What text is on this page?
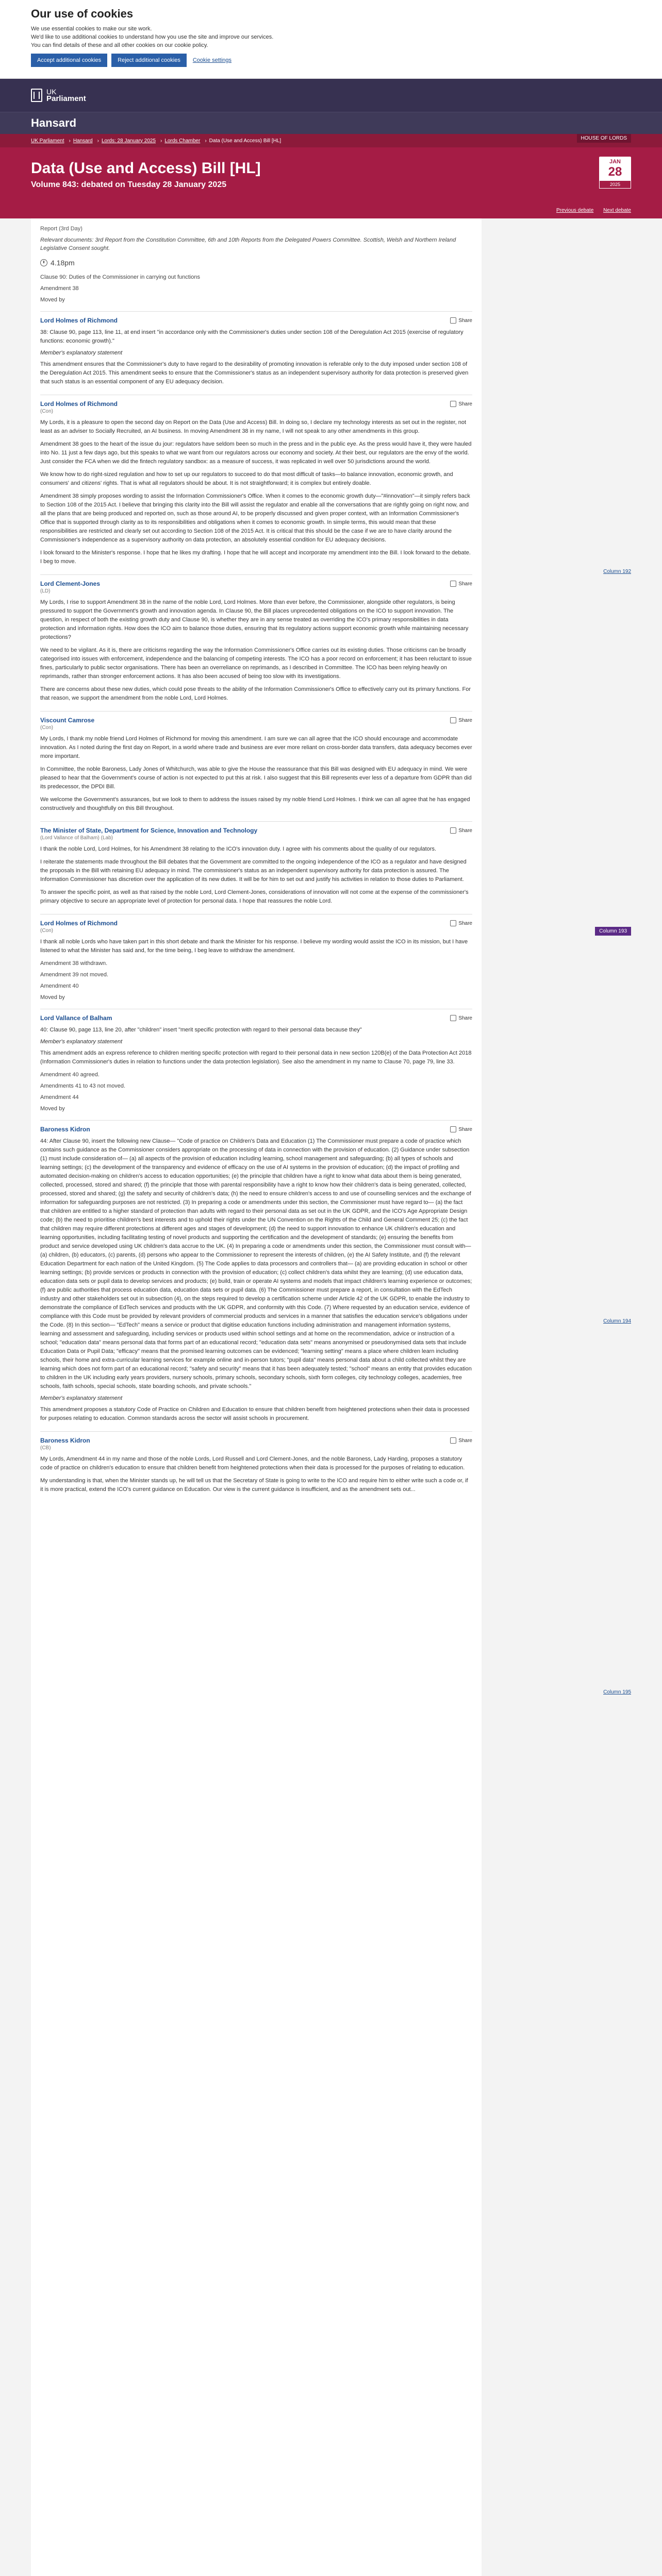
Our use of cookies

We use essential cookies to make our site work.

We'd like to use additional cookies to understand how you use the site and improve our services.

You can find details of these and all other cookies on our cookie policy.

Accept additional cookies	Reject additional cookies	Cookie settings
UK
Parliament
Hansard
UK Parliament › Hansard › Lords: 28 January 2025 › Lords Chamber › Data (Use and Access) Bill [HL]	HOUSE OF LORDS
Data (Use and Access) Bill [HL]
Volume 843: debated on Tuesday 28 January 2025
JAN
28
2025
Previous debate Next debate
Column 192
Column 193
Column 194
Column 195
Report (3rd Day)
Relevant documents: 3rd Report from the Constitution Committee, 6th and 10th Reports from the Delegated Powers Committee. Scottish, Welsh and Northern Ireland Legislative Consent sought.
4.18pm
Clause 90: Duties of the Commissioner in carrying out functions
Amendment 38
Moved by
Lord Holmes of Richmond	Share
38: Clause 90, page 113, line 11, at end insert "in accordance only with the Commissioner's duties under section 108 of the Deregulation Act 2015 (exercise of regulatory functions: economic growth)."
Member's explanatory statement
This amendment ensures that the Commissioner's duty to have regard to the desirability of promoting innovation is referable only to the duty imposed under section 108 of the Deregulation Act 2015. This amendment seeks to ensure that the Commissioner's status as an independent supervisory authority for data protection is preserved given that such status is an essential component of any EU adequacy decision.
Lord Holmes of Richmond	Share
(Con)
My Lords, it is a pleasure to open the second day on Report on the Data (Use and Access) Bill. In doing so, I declare my technology interests as set out in the register, not least as an adviser to Socially Recruited, an AI business. In moving Amendment 38 in my name, I will not speak to any other amendments in this group.
Amendment 38 goes to the heart of the issue du jour: regulators have seldom been so much in the press and in the public eye. As the press would have it, they were hauled into No. 11 just a few days ago, but this speaks to what we want from our regulators across our economy and society. At their best, our regulators are the envy of the world. Just consider the FCA when we did the fintech regulatory sandbox: as a measure of success, it was replicated in well over 50 jurisdictions around the world.
We know how to do right-sized regulation and how to set up our regulators to succeed to do that most difficult of tasks—to balance innovation, economic growth, and consumers' and citizens' rights. That is what all regulators should be about. It is not straightforward; it is complex but entirely doable.
Amendment 38 simply proposes wording to assist the Information Commissioner's Office. When it comes to the economic growth duty—"#innovation"—it simply refers back to Section 108 of the 2015 Act. I believe that bringing this clarity into the Bill will assist the regulator and enable all the conversations that are rightly going on right now, and all the plans that are being produced and reported on, such as those around AI, to be properly discussed and given proper context, with an Information Commissioner's Office that is supported through clarity as to its responsibilities and obligations when it comes to economic growth. In simple terms, this would mean that these responsibilities are restricted and clearly set out according to Section 108 of the 2015 Act. It is critical that this should be the case if we are to have clarity around the Commissioner's independence as a supervisory authority on data protection, an absolutely essential condition for EU adequacy decisions.
I look forward to the Minister's response. I hope that he likes my drafting. I hope that he will accept and incorporate my amendment into the Bill. I look forward to the debate. I beg to move.
Lord Clement-Jones	Share
(LD)
My Lords, I rise to support Amendment 38 in the name of the noble Lord, Lord Holmes. More than ever before, the Commissioner, alongside other regulators, is being pressured to support the Government's growth and innovation agenda. In Clause 90, the Bill places unprecedented obligations on the ICO to support innovation. The question, in respect of both the existing growth duty and Clause 90, is whether they are in any sense treated as overriding the ICO's primary responsibilities in data protection and information rights. How does the ICO aim to balance those duties, ensuring that its regulatory actions support economic growth while maintaining necessary protections?
We need to be vigilant. As it is, there are criticisms regarding the way the Information Commissioner's Office carries out its existing duties. Those criticisms can be broadly categorised into issues with enforcement, independence and the balancing of competing interests. The ICO has a poor record on enforcement; it has been reluctant to issue fines, particularly to public sector organisations. There has been an overreliance on reprimands, as I described in Committee. The ICO has been relying heavily on reprimands, rather than stronger enforcement actions. It has also been accused of being too slow with its investigations.
There are concerns about these new duties, which could pose threats to the ability of the Information Commissioner's Office to effectively carry out its primary functions. For that reason, we support the amendment from the noble Lord, Lord Holmes.
Viscount Camrose	Share
(Con)
My Lords, I thank my noble friend Lord Holmes of Richmond for moving this amendment. I am sure we can all agree that the ICO should encourage and accommodate innovation. As I noted during the first day on Report, in a world where trade and business are ever more reliant on cross-border data transfers, data adequacy becomes ever more important.
In Committee, the noble Baroness, Lady Jones of Whitchurch, was able to give the House the reassurance that this Bill was designed with EU adequacy in mind. We were pleased to hear that the Government's course of action is not expected to put this at risk. I also suggest that this Bill represents ever less of a departure from GDPR than did its predecessor, the DPDI Bill.
We welcome the Government's assurances, but we look to them to address the issues raised by my noble friend Lord Holmes. I think we can all agree that he has engaged constructively and thoughtfully on this Bill throughout.
The Minister of State, Department for Science, Innovation and Technology	Share
(Lord Vallance of Balham) (Lab)
I thank the noble Lord, Lord Holmes, for his Amendment 38 relating to the ICO's innovation duty. I agree with his comments about the quality of our regulators.
I reiterate the statements made throughout the Bill debates that the Government are committed to the ongoing independence of the ICO as a regulator and have designed the proposals in the Bill with retaining EU adequacy in mind. The commissioner's status as an independent supervisory authority for data protection is assured. The Information Commissioner has discretion over the application of its new duties. It will be for him to set out and justify his activities in relation to those duties to Parliament.
To answer the specific point, as well as that raised by the noble Lord, Lord Clement-Jones, considerations of innovation will not come at the expense of the commissioner's primary objective to secure an appropriate level of protection for personal data. I hope that reassures the noble Lord.
Lord Holmes of Richmond	Share
(Con)
I thank all noble Lords who have taken part in this short debate and thank the Minister for his response. I believe my wording would assist the ICO in its mission, but I have listened to what the Minister has said and, for the time being, I beg leave to withdraw the amendment.
Amendment 38 withdrawn.
Amendment 39 not moved.
Amendment 40
Moved by
Lord Vallance of Balham	Share
40: Clause 90, page 113, line 20, after "children" insert "merit specific protection with regard to their personal data because they"
Member's explanatory statement
This amendment adds an express reference to children meriting specific protection with regard to their personal data in new section 120B(e) of the Data Protection Act 2018 (Information Commissioner's duties in relation to functions under the data protection legislation). See also the amendment in my name to Clause 70, page 79, line 33.
Amendment 40 agreed.
Amendments 41 to 43 not moved.
Amendment 44
Moved by
Baroness Kidron	Share
44: After Clause 90, insert the following new Clause— "Code of practice on Children's Data and Education (1) The Commissioner must prepare a code of practice which contains such guidance as the Commissioner considers appropriate on the processing of data in connection with the provision of education. (2) Guidance under subsection (1) must include consideration of— (a) all aspects of the provision of education including learning, school management and safeguarding; (b) all types of schools and learning settings; (c) the development of the transparency and evidence of efficacy on the use of AI systems in the provision of education; (d) the impact of profiling and automated decision-making on children's access to education opportunities; (e) the principle that children have a right to know what data about them is being generated, collected, processed, stored and shared; (f) the principle that those with parental responsibility have a right to know how their children's data is being generated, collected, processed, stored and shared; (g) the safety and security of children's data; (h) the need to ensure children's access to and use of counselling services and the exchange of information for safeguarding purposes are not restricted. (3) In preparing a code or amendments under this section, the Commissioner must have regard to— (a) the fact that children are entitled to a higher standard of protection than adults with regard to their personal data as set out in the UK GDPR, and the ICO's Age Appropriate Design code; (b) the need to prioritise children's best interests and to uphold their rights under the UN Convention on the Rights of the Child and General Comment 25; (c) the fact that children may require different protections at different ages and stages of development; (d) the need to support innovation to enhance UK children's education and learning opportunities, including facilitating testing of novel products and supporting the certification and the development of standards; (e) ensuring the benefits from product and service developed using UK children's data accrue to the UK. (4) In preparing a code or amendments under this section, the Commissioner must consult with— (a) children, (b) educators, (c) parents, (d) persons who appear to the Commissioner to represent the interests of children, (e) the AI Safety Institute, and (f) the relevant Education Department for each nation of the United Kingdom. (5) The Code applies to data processors and controllers that— (a) are providing education in school or other learning settings; (b) provide services or products in connection with the provision of education; (c) collect children's data whilst they are learning; (d) use education data, education data sets or pupil data to develop services and products; (e) build, train or operate AI systems and models that impact children's learning experience or outcomes; (f) are public authorities that process education data, education data sets or pupil data. (6) The Commissioner must prepare a report, in consultation with the EdTech industry and other stakeholders set out in subsection (4), on the steps required to develop a certification scheme under Article 42 of the UK GDPR, to enable the industry to demonstrate the compliance of EdTech services and products with the UK GDPR, and conformity with this Code. (7) Where requested by an education service, evidence of compliance with this Code must be provided by relevant providers of commercial products and services in a manner that satisfies the education service's obligations under the Code. (8) In this section— "EdTech" means a service or product that digitise education functions including administration and management information systems, learning and assessment and safeguarding, including services or products used within school settings and at home on the recommendation, advice or instruction of a school; "education data" means personal data that forms part of an educational record; "education data sets" means anonymised or pseudonymised data sets that include Education Data or Pupil Data; "efficacy" means that the promised learning outcomes can be evidenced; "learning setting" means a place where children learn including schools, their home and extra-curricular learning services for example online and in-person tutors; "pupil data" means personal data about a child collected whilst they are learning which does not form part of an educational record; "safety and security" means that it has been adequately tested; "school" means an entity that provides education to children in the UK including early years providers, nursery schools, primary schools, secondary schools, sixth form colleges, city technology colleges, academies, free schools, faith schools, special schools, state boarding schools, and private schools."
Member's explanatory statement
This amendment proposes a statutory Code of Practice on Children and Education to ensure that children benefit from heightened protections when their data is processed for purposes relating to education. Common standards across the sector will assist schools in procurement.
Baroness Kidron	Share
(CB)
My Lords, Amendment 44 in my name and those of the noble Lords, Lord Russell and Lord Clement-Jones, and the noble Baroness, Lady Harding, proposes a statutory code of practice on children's education to ensure that children benefit from heightened protections when their data is processed for the purposes of relating to education.
My understanding is that, when the Minister stands up, he will tell us that the Secretary of State is going to write to the ICO and require him to either write such a code or, if it is more practical, extend the ICO's current guidance on Education. Our view is the current guidance is insufficient, and as the amendment sets out...
